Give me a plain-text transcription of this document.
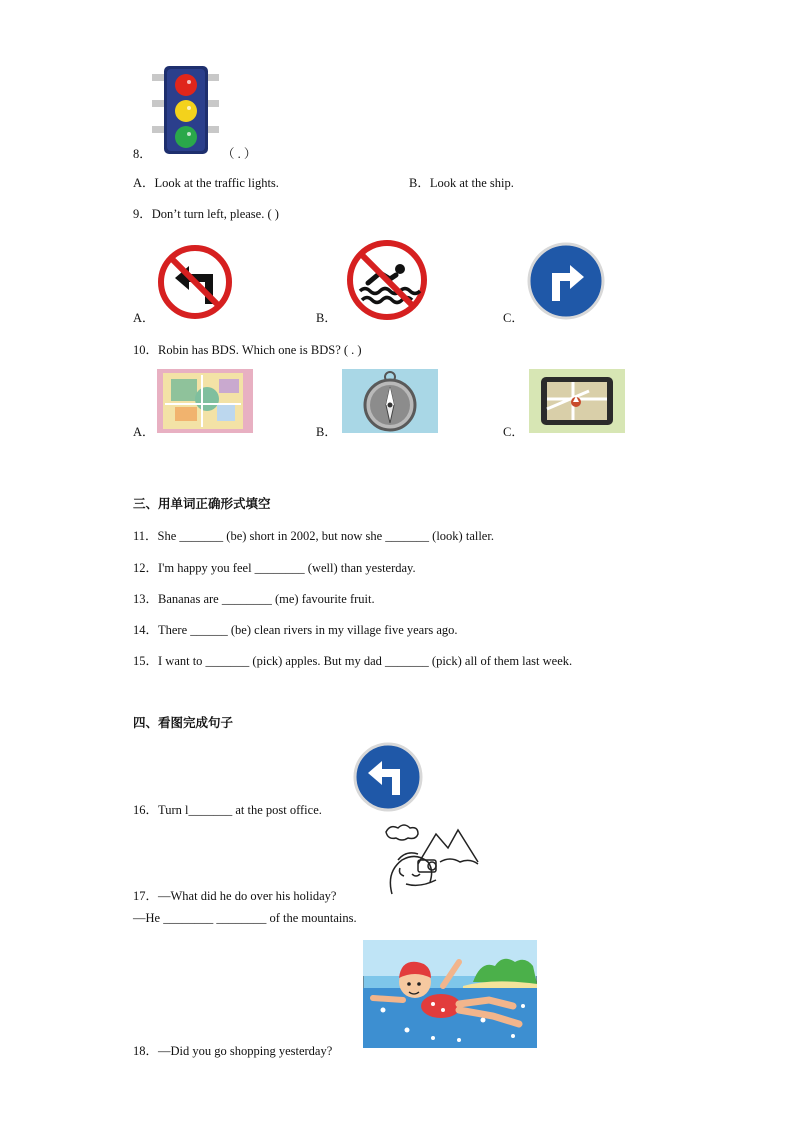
8．	（ . ）
A．Look at the traffic lights.	B．Look at the ship.
9．Don’t turn left, please. ( )
A．	B．	C．
10．Robin has BDS. Which one is BDS? ( . )
A．	B．	C．
三、用单词正确形式填空
11．She _______ (be) short in 2002, but now she _______ (look) taller.
12．I'm happy you feel ________ (well) than yesterday.
13．Bananas are ________ (me) favourite fruit.
14．There ______ (be) clean rivers in my village five years ago.
15．I want to _______ (pick) apples. But my dad _______ (pick) all of them last week.
四、看图完成句子
16．Turn l_______ at the post office.
17．—What did he do over his holiday?
—He ________ ________ of the mountains.
18．—Did you go shopping yesterday?
